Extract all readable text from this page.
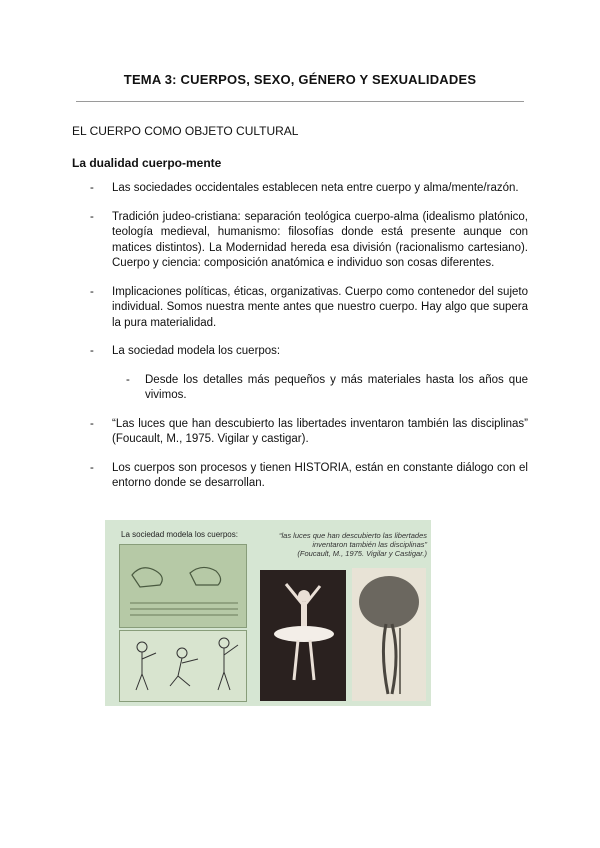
TEMA 3: CUERPOS, SEXO, GÉNERO Y SEXUALIDADES
EL CUERPO COMO OBJETO CULTURAL
La dualidad cuerpo-mente
- Las sociedades occidentales establecen neta entre cuerpo y alma/mente/razón.
- Tradición judeo-cristiana: separación teológica cuerpo-alma (idealismo platónico, teología medieval, humanismo: filosofías donde está presente aunque con matices distintos). La Modernidad hereda esa división (racionalismo cartesiano). Cuerpo y ciencia: composición anatómica e individuo son cosas diferentes.
- Implicaciones políticas, éticas, organizativas. Cuerpo como contenedor del sujeto individual. Somos nuestra mente antes que nuestro cuerpo. Hay algo que supera la pura materialidad.
- La sociedad modela los cuerpos:
- Desde los detalles más pequeños y más materiales hasta los años que vivimos.
- “Las luces que han descubierto las libertades inventaron también las disciplinas” (Foucault, M., 1975. Vigilar y castigar).
- Los cuerpos son procesos y tienen HISTORIA, están en constante diálogo con el entorno donde se desarrollan.
La sociedad modela los cuerpos:	“las luces que han descubierto las libertades
inventaron también las disciplinas”
(Foucault, M., 1975. Vigilar y Castigar.)
